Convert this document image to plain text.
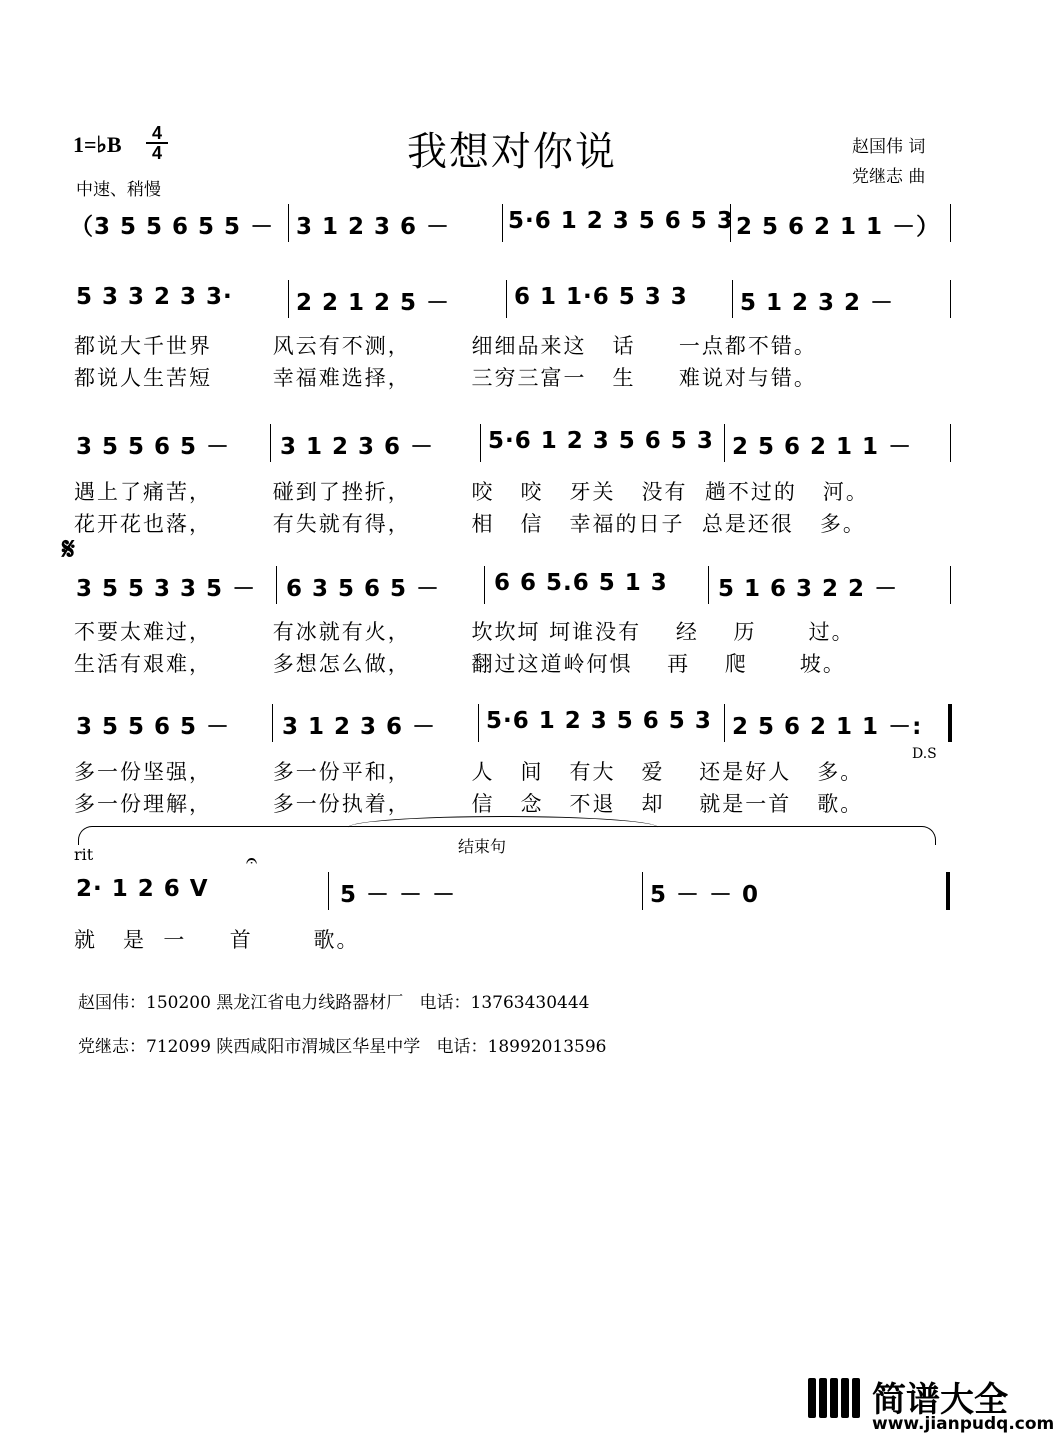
1=♭B $\frac{4}{4}$
中速、稍慢
我想对你说	赵国伟 词
党继志 曲
（3 5 5 6 5 5 － 3 1 2 3 6 －	5·6 1 2 3 5 6 5 3 2 5 6 2 1 1 －）
5 3 3 2 3 3·	2 2 1 2 5 －	6 1 1·6 5 3 3 5 1 2 3 2 －
都说大千世界       风云有不测，       细细品来这   话     一点都不错。
都说人生苦短       幸福难选择，       三穷三富一   生     难说对与错。
3 5 5 6 5 － 3 1 2 3 6 － 5·6 1 2 3 5 6 5 3 2 5 6 2 1 1 －
遇上了痛苦，       碰到了挫折，       咬   咬   牙关   没有  趟不过的   河。
花开花也落，       有失就有得，       相   信   幸福的日子  总是还很   多。
𝄋
3 5 5 3 3 5 － 6 3 5 6 5 － 6 6 5.6 5 1 3 5 1 6 3 2 2 －
不要太难过，       有冰就有火，       坎坎坷 坷谁没有    经    历      过。
生活有艰难，       多想怎么做，       翻过这道岭何惧    再    爬      坡。
3 5 5 6 5 － 3 1 2 3 6 － 5·6 1 2 3 5 6 5 3 2 5 6 2 1 1 －:
D.S
多一份坚强，       多一份平和，       人   间   有大   爱    还是好人   多。
多一份理解，       多一份执着，       信   念   不退   却    就是一首   歌。
结束句
rit	𝄐
2· 1 2 6 V	5 － － －	5 － － 0
就   是  一     首       歌。
赵国伟：150200 黑龙江省电力线路器材厂   电话：13763430444
党继志：712099 陕西咸阳市渭城区华星中学   电话：18992013596
简谱大全
www.jianpudq.com
